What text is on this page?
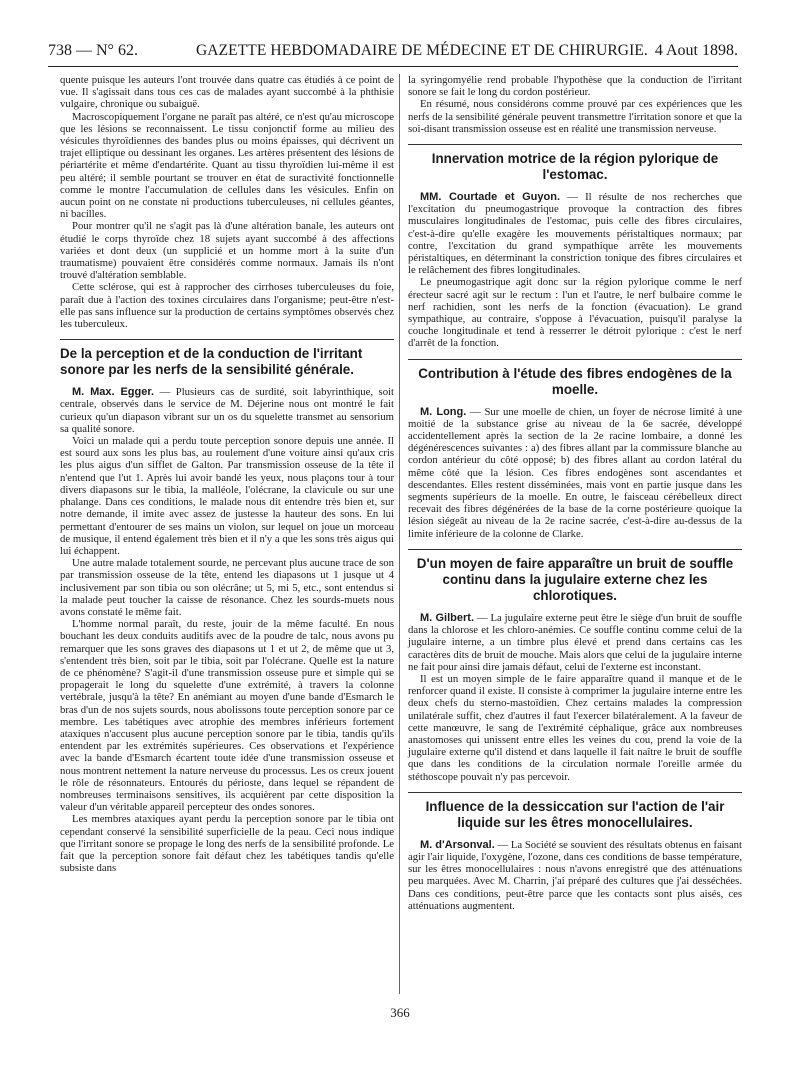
738 — N° 62.	GAZETTE HEBDOMADAIRE DE MÉDECINE ET DE CHIRURGIE. 4 Aout 1898.

quente puisque les auteurs l'ont trouvée dans quatre cas étudiés à ce point de vue. Il s'agissait dans tous ces cas de malades ayant succombé à la phthisie vulgaire, chronique ou subaiguë.

Macroscopiquement l'organe ne paraît pas altéré, ce n'est qu'au microscope que les lésions se reconnaissent. Le tissu conjonctif forme au milieu des vésicules thyroïdiennes des bandes plus ou moins épaisses, qui décrivent un trajet elliptique ou dessinant les organes. Les artères présentent des lésions de périartérite et même d'endartérite. Quant au tissu thyroïdien lui-même il est peu altéré; il semble pourtant se trouver en état de suractivité fonctionnelle comme le montre l'accumulation de cellules dans les vésicules. Enfin on aucun point on ne constate ni productions tuberculeuses, ni cellules géantes, ni bacilles.

Pour montrer qu'il ne s'agit pas là d'une altération banale, les auteurs ont étudié le corps thyroïde chez 18 sujets ayant succombé à des affections variées et dont deux (un supplicié et un homme mort à la suite d'un traumatisme) pouvaient être considérés comme normaux. Jamais ils n'ont trouvé d'altération semblable.

Cette sclérose, qui est à rapprocher des cirrhoses tuberculeuses du foie, paraît due à l'action des toxines circulaires dans l'organisme; peut-être n'est-elle pas sans influence sur la production de certains symptômes observés chez les tuberculeux.

De la perception et de la conduction de l'irritant sonore par les nerfs de la sensibilité générale.

M. Max. Egger. — Plusieurs cas de surdité, soit labyrinthique, soit centrale, observés dans le service de M. Déjerine nous ont montré le fait curieux qu'un diapason vibrant sur un os du squelette transmet au sensorium sa qualité sonore.

Voici un malade qui a perdu toute perception sonore depuis une année. Il est sourd aux sons les plus bas, au roulement d'une voiture ainsi qu'aux cris les plus aigus d'un sifflet de Galton. Par transmission osseuse de la tête il n'entend que l'ut 1. Après lui avoir bandé les yeux, nous plaçons tour à tour divers diapasons sur le tibia, la malléole, l'olécrane, la clavicule ou sur une phalange. Dans ces conditions, le malade nous dit entendre très bien et, sur notre demande, il imite avec assez de justesse la hauteur des sons. En lui permettant d'entourer de ses mains un violon, sur lequel on joue un morceau de musique, il entend également très bien et il n'y a que les sons très aigus qui lui échappent.

Une autre malade totalement sourde, ne percevant plus aucune trace de son par transmission osseuse de la tête, entend les diapasons ut 1 jusque ut 4 inclusivement par son tibia ou son olécrâne; ut 5, mi 5, etc., sont entendus si la malade peut toucher la caisse de résonance. Chez les sourds-muets nous avons constaté le même fait.

L'homme normal paraît, du reste, jouir de la même faculté. En nous bouchant les deux conduits auditifs avec de la poudre de talc, nous avons pu remarquer que les sons graves des diapasons ut 1 et ut 2, de même que ut 3, s'entendent très bien, soit par le tibia, soit par l'olécrane. Quelle est la nature de ce phénomène? S'agit-il d'une transmission osseuse pure et simple qui se propagerait le long du squelette d'une extrémité, à travers la colonne vertébrale, jusqu'à la tête? En anémiant au moyen d'une bande d'Esmarch le bras d'un de nos sujets sourds, nous abolissons toute perception sonore par ce membre. Les tabétiques avec atrophie des membres inférieurs fortement ataxiques n'accusent plus aucune perception sonore par le tibia, tandis qu'ils entendent par les extrémités supérieures. Ces observations et l'expérience avec la bande d'Esmarch écartent toute idée d'une transmission osseuse et nous montrent nettement la nature nerveuse du processus. Les os creux jouent le rôle de résonnateurs. Entourés du périoste, dans lequel se répandent de nombreuses terminaisons sensitives, ils acquièrent par cette disposition la valeur d'un véritable appareil percepteur des ondes sonores.

Les membres ataxiques ayant perdu la perception sonore par le tibia ont cependant conservé la sensibilité superficielle de la peau. Ceci nous indique que l'irritant sonore se propage le long des nerfs de la sensibilité profonde. Le fait que la perception sonore fait défaut chez les tabétiques tandis qu'elle subsiste dans

la syringomyélie rend probable l'hypothèse que la conduction de l'irritant sonore se fait le long du cordon postérieur.

En résumé, nous considérons comme prouvé par ces expériences que les nerfs de la sensibilité générale peuvent transmettre l'irritation sonore et que la soi-disant transmission osseuse est en réalité une transmission nerveuse.

Innervation motrice de la région pylorique de l'estomac.

MM. Courtade et Guyon. — Il résulte de nos recherches que l'excitation du pneumogastrique provoque la contraction des fibres musculaires longitudinales de l'estomac, puis celle des fibres circulaires, c'est-à-dire qu'elle exagère les mouvements péristaltiques normaux; par contre, l'excitation du grand sympathique arrête les mouvements péristaltiques, en déterminant la constriction tonique des fibres circulaires et le relâchement des fibres longitudinales.

Le pneumogastrique agit donc sur la région pylorique comme le nerf érecteur sacré agit sur le rectum : l'un et l'autre, le nerf bulbaire comme le nerf rachidien, sont les nerfs de la fonction (évacuation). Le grand sympathique, au contraire, s'oppose à l'évacuation, puisqu'il paralyse la couche longitudinale et tend à resserrer le détroit pylorique : c'est le nerf d'arrêt de la fonction.

Contribution à l'étude des fibres endogènes de la moelle.

M. Long. — Sur une moelle de chien, un foyer de nécrose limité à une moitié de la substance grise au niveau de la 6e sacrée, développé accidentellement après la section de la 2e racine lombaire, a donné les dégénérescences suivantes : a) des fibres allant par la commissure blanche au cordon antérieur du côté opposé; b) des fibres allant au cordon latéral du même côté que la lésion. Ces fibres endogènes sont ascendantes et descendantes. Elles restent disséminées, mais vont en partie jusque dans les segments supérieurs de la moelle. En outre, le faisceau cérébelleux direct recevait des fibres dégénérées de la base de la corne postérieure quoique la lésion siégeât au niveau de la 2e racine sacrée, c'est-à-dire au-dessus de la limite inférieure de la colonne de Clarke.

D'un moyen de faire apparaître un bruit de souffle continu dans la jugulaire externe chez les chlorotiques.

M. Gilbert. — La jugulaire externe peut être le siège d'un bruit de souffle dans la chlorose et les chloro-anémies. Ce souffle continu comme celui de la jugulaire interne, a un timbre plus élevé et prend dans certains cas les caractères dits de bruit de mouche. Mais alors que celui de la jugulaire interne ne fait pour ainsi dire jamais défaut, celui de l'externe est inconstant.

Il est un moyen simple de le faire apparaître quand il manque et de le renforcer quand il existe. Il consiste à comprimer la jugulaire interne entre les deux chefs du sterno-mastoïdien. Chez certains malades la compression unilatérale suffit, chez d'autres il faut l'exercer bilatéralement. A la faveur de cette manœuvre, le sang de l'extrémité céphalique, grâce aux nombreuses anastomoses qui unissent entre elles les veines du cou, prend la voie de la jugulaire externe qu'il distend et dans laquelle il fait naître le bruit de souffle que dans les conditions de la circulation normale l'oreille armée du stéthoscope pouvait n'y pas percevoir.

Influence de la dessiccation sur l'action de l'air liquide sur les êtres monocellulaires.

M. d'Arsonval. — La Société se souvient des résultats obtenus en faisant agir l'air liquide, l'oxygène, l'ozone, dans ces conditions de basse température, sur les êtres monocellulaires : nous n'avons enregistré que des atténuations peu marquées. Avec M. Charrin, j'ai préparé des cultures que j'ai desséchées. Dans ces conditions, peut-être parce que les contacts sont plus aisés, ces atténuations augmentent.

366
